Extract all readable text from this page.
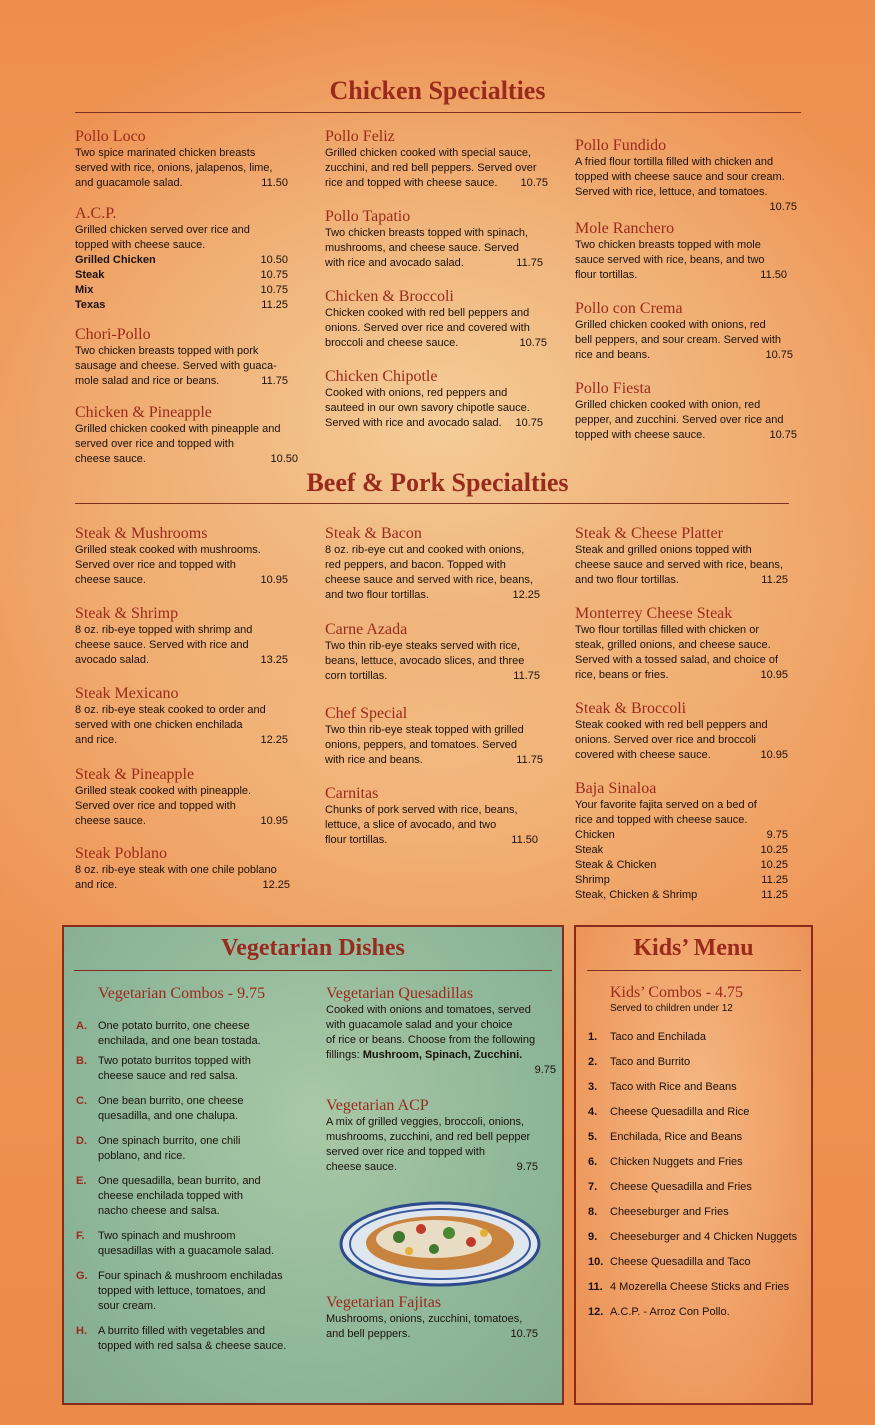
Chicken Specialties
Pollo Loco
Two spice marinated chicken breasts
served with rice, onions, jalapenos, lime,
and guacamole salad.	11.50
A.C.P.
Grilled chicken served over rice and
topped with cheese sauce.
Grilled Chicken	10.50
Steak	10.75
Mix	10.75
Texas	11.25
Chori-Pollo
Two chicken breasts topped with pork
sausage and cheese. Served with guaca-
mole salad and rice or beans.	11.75
Chicken & Pineapple
Grilled chicken cooked with pineapple and
served over rice and topped with
cheese sauce.	10.50
Pollo Feliz
Grilled chicken cooked with special sauce,
zucchini, and red bell peppers. Served over
rice and topped with cheese sauce. 10.75
Pollo Tapatio
Two chicken breasts topped with spinach,
mushrooms, and cheese sauce. Served
with rice and avocado salad.	11.75
Chicken & Broccoli
Chicken cooked with red bell peppers and
onions. Served over rice and covered with
broccoli and cheese sauce.	10.75
Chicken Chipotle
Cooked with onions, red peppers and
sauteed in our own savory chipotle sauce.
Served with rice and avocado salad. 10.75
Pollo Fundido
A fried flour tortilla filled with chicken and
topped with cheese sauce and sour cream.
Served with rice, lettuce, and tomatoes.
10.75
Mole Ranchero
Two chicken breasts topped with mole
sauce served with rice, beans, and two
flour tortillas.	11.50
Pollo con Crema
Grilled chicken cooked with onions, red
bell peppers, and sour cream. Served with
rice and beans.	10.75
Pollo Fiesta
Grilled chicken cooked with onion, red
pepper, and zucchini. Served over rice and
topped with cheese sauce.	10.75
Beef & Pork Specialties
Steak & Mushrooms
Grilled steak cooked with mushrooms.
Served over rice and topped with
cheese sauce.	10.95
Steak & Shrimp
8 oz. rib-eye topped with shrimp and
cheese sauce. Served with rice and
avocado salad.	13.25
Steak Mexicano
8 oz. rib-eye steak cooked to order and
served with one chicken enchilada
and rice.	12.25
Steak & Pineapple
Grilled steak cooked with pineapple.
Served over rice and topped with
cheese sauce.	10.95
Steak Poblano
8 oz. rib-eye steak with one chile poblano
and rice.	12.25
Steak & Bacon
8 oz. rib-eye cut and cooked with onions,
red peppers, and bacon. Topped with
cheese sauce and served with rice, beans,
and two flour tortillas.	12.25
Carne Azada
Two thin rib-eye steaks served with rice,
beans, lettuce, avocado slices, and three
corn tortillas.	11.75
Chef Special
Two thin rib-eye steak topped with grilled
onions, peppers, and tomatoes. Served
with rice and beans.	11.75
Carnitas
Chunks of pork served with rice, beans,
lettuce, a slice of avocado, and two
flour tortillas.	11.50
Steak & Cheese Platter
Steak and grilled onions topped with
cheese sauce and served with rice, beans,
and two flour tortillas.	11.25
Monterrey Cheese Steak
Two flour tortillas filled with chicken or
steak, grilled onions, and cheese sauce.
Served with a tossed salad, and choice of
rice, beans or fries.	10.95
Steak & Broccoli
Steak cooked with red bell peppers and
onions. Served over rice and broccoli
covered with cheese sauce.	10.95
Baja Sinaloa
Your favorite fajita served on a bed of
rice and topped with cheese sauce.
Chicken	9.75
Steak	10.25
Steak & Chicken	10.25
Shrimp	11.25
Steak, Chicken & Shrimp	11.25
Vegetarian Dishes
Vegetarian Combos - 9.75
A.	One potato burrito, one cheese
enchilada, and one bean tostada.
B.	Two potato burritos topped with
cheese sauce and red salsa.
C.	One bean burrito, one cheese
quesadilla, and one chalupa.
D.	One spinach burrito, one chili
poblano, and rice.
E.	One quesadilla, bean burrito, and
cheese enchilada topped with
nacho cheese and salsa.
F.	Two spinach and mushroom
quesadillas with a guacamole salad.
G. Four spinach & mushroom enchiladas
topped with lettuce, tomatoes, and
sour cream.
H.	A burrito filled with vegetables and
topped with red salsa & cheese sauce.
Vegetarian Quesadillas
Cooked with onions and tomatoes, served
with guacamole salad and your choice
of rice or beans. Choose from the following
fillings: Mushroom, Spinach, Zucchini.
9.75
Vegetarian ACP
A mix of grilled veggies, broccoli, onions,
mushrooms, zucchini, and red bell pepper
served over rice and topped with
cheese sauce.	9.75
Vegetarian Fajitas
Mushrooms, onions, zucchini, tomatoes,
and bell peppers.	10.75
Kids’ Menu
Kids’ Combos - 4.75
Served to children under 12
1.	Taco and Enchilada
2.	Taco and Burrito
3.	Taco with Rice and Beans
4.	Cheese Quesadilla and Rice
5.	Enchilada, Rice and Beans
6.	Chicken Nuggets and Fries
7.	Cheese Quesadilla and Fries
8.	Cheeseburger and Fries
9.	Cheeseburger and 4 Chicken Nuggets
10. Cheese Quesadilla and Taco
11. 4 Mozerella Cheese Sticks and Fries
12. A.C.P. - Arroz Con Pollo.
